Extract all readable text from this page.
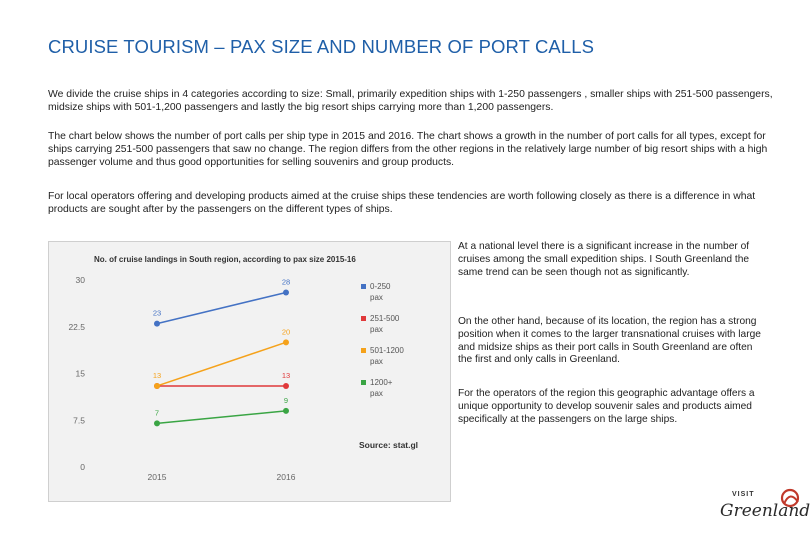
CRUISE TOURISM – PAX SIZE AND NUMBER OF PORT CALLS

We divide the cruise ships in 4 categories according to size: Small, primarily expedition ships with 1-250 passengers , smaller ships with 251-500 passengers, midsize ships with 501-1,200 passengers and lastly the big resort ships carrying more than 1,200 passengers.

The chart below shows the number of port calls per ship type in 2015 and 2016. The chart shows a growth in the number of port calls for all types, except for ships carrying 251-500 passengers that saw no change. The region differs from the other regions in the relatively large number of big resort ships with a high passenger volume and thus good opportunities for selling souvenirs and group products.

For local operators offering and developing products aimed at the cruise ships these tendencies are worth following closely as there is a difference in what products are sought after by the passengers on the different types of ships.

No. of cruise landings in South region, according to pax size 2015-16
0
7.5
15
22.5
30
2015	2016
23
28
13
20
13
7
9
0-250
pax
251-500
pax
501-1200
pax
1200+
pax
Source: stat.gl

At a national level there is a significant increase in the number of cruises among the small expedition ships. I South Greenland the same trend can be seen though not as significantly.

On the other hand, because of its location, the region has a strong position when it comes to the larger transnational cruises with large and midsize ships as their port calls in South Greenland are often the first and only calls in Greenland.

For the operators of the region this geographic advantage offers a unique opportunity to develop souvenir sales and products aimed specifically at the passengers on the large ships.

VISIT
Greenland
